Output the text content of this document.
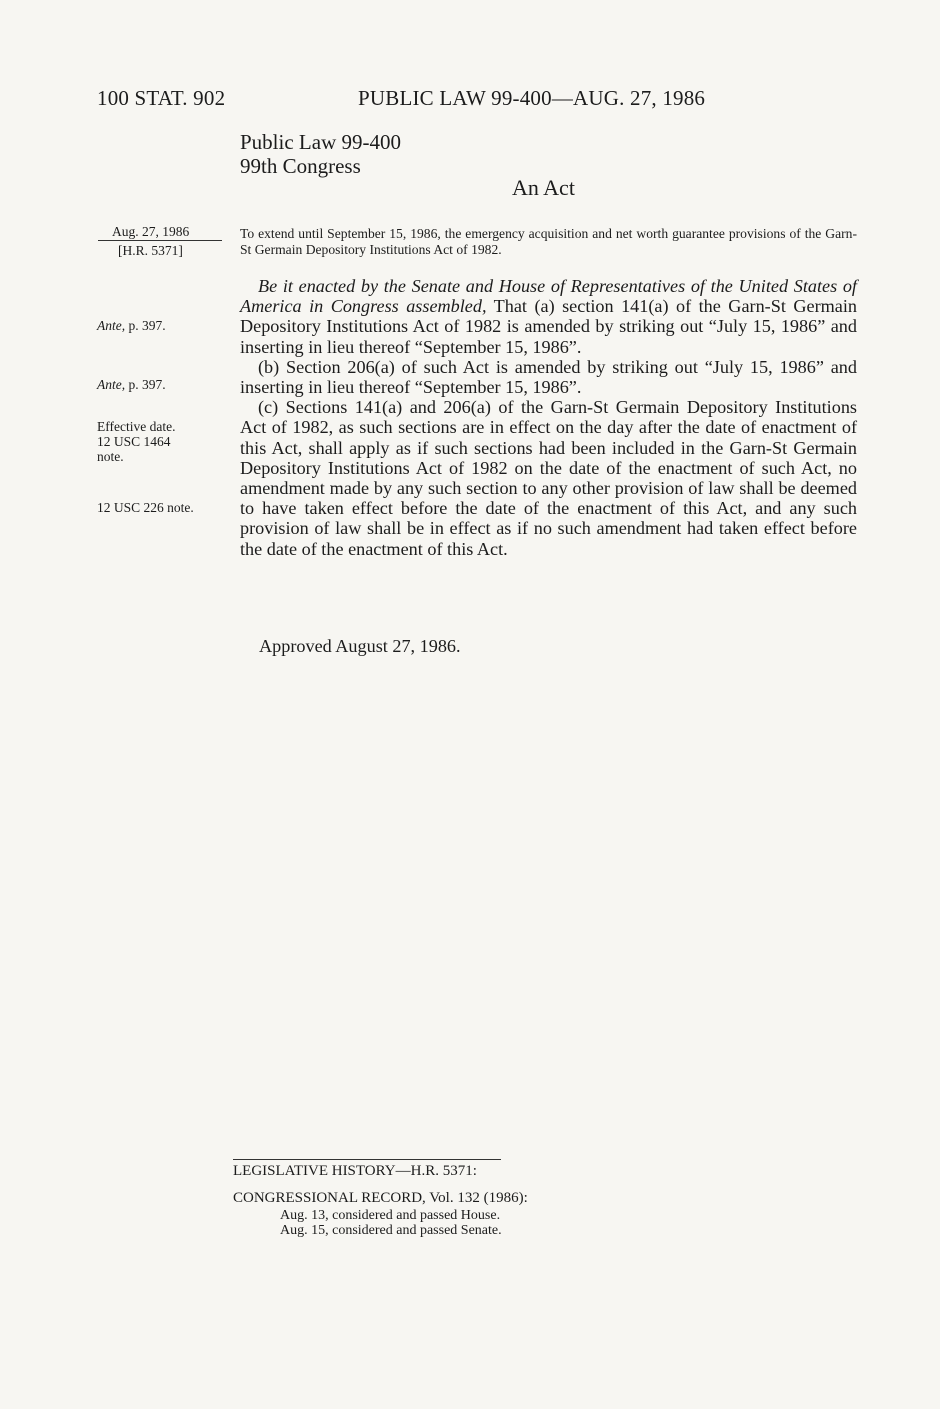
100 STAT. 902	PUBLIC LAW 99-400—AUG. 27, 1986
Public Law 99-400
99th Congress
An Act
Aug. 27, 1986
[H.R. 5371]
Ante, p. 397.
Ante, p. 397.
Effective date.
12 USC 1464
note.
12 USC 226 note.
To extend until September 15, 1986, the emergency acquisition and net worth guarantee provisions of the Garn-St Germain Depository Institutions Act of 1982.

Be it enacted by the Senate and House of Representatives of the United States of America in Congress assembled, That (a) section 141(a) of the Garn-St Germain Depository Institutions Act of 1982 is amended by striking out “July 15, 1986” and inserting in lieu thereof “September 15, 1986”.

(b) Section 206(a) of such Act is amended by striking out “July 15, 1986” and inserting in lieu thereof “September 15, 1986”.

(c) Sections 141(a) and 206(a) of the Garn-St Germain Depository Institutions Act of 1982, as such sections are in effect on the day after the date of enactment of this Act, shall apply as if such sections had been included in the Garn-St Germain Depository Institutions Act of 1982 on the date of the enactment of such Act, no amendment made by any such section to any other provision of law shall be deemed to have taken effect before the date of the enactment of this Act, and any such provision of law shall be in effect as if no such amendment had taken effect before the date of the enactment of this Act.

Approved August 27, 1986.
LEGISLATIVE HISTORY—H.R. 5371:
CONGRESSIONAL RECORD, Vol. 132 (1986):
Aug. 13, considered and passed House.
Aug. 15, considered and passed Senate.
